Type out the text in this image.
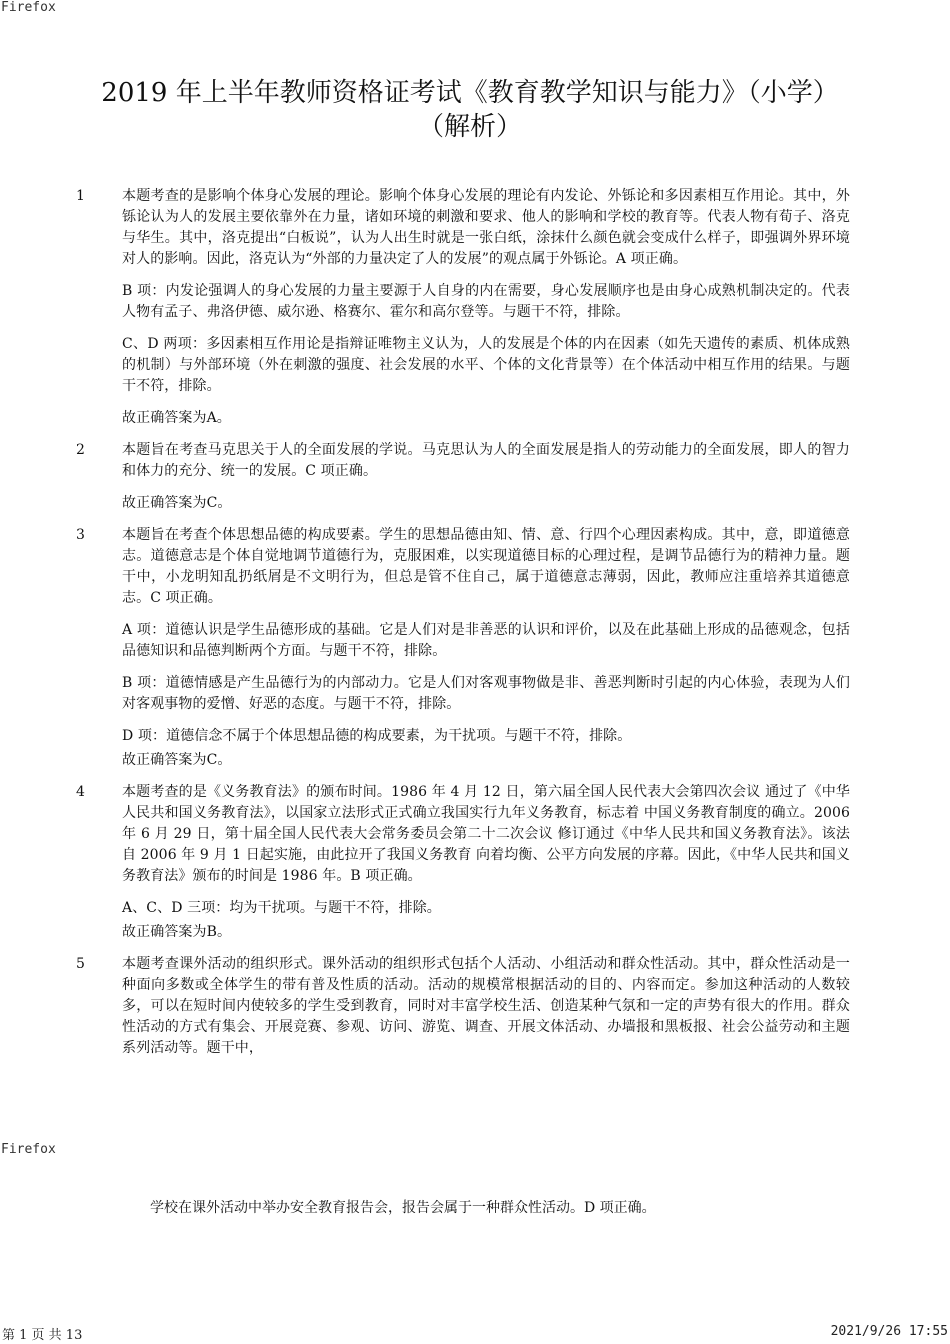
Firefox
2019 年上半年教师资格证考试《教育教学知识与能力》（小学）（解析）
1	本题考查的是影响个体身心发展的理论。影响个体身心发展的理论有内发论、外铄论和多因素相互作用论。其中，外铄论认为人的发展主要依靠外在力量，诸如环境的刺激和要求、他人的影响和学校的教育等。代表人物有荀子、洛克与华生。其中，洛克提出“白板说”，认为人出生时就是一张白纸，涂抹什么颜色就会变成什么样子，即强调外界环境对人的影响。因此，洛克认为“外部的力量决定了人的发展”的观点属于外铄论。A 项正确。

B 项：内发论强调人的身心发展的力量主要源于人自身的内在需要，身心发展顺序也是由身心成熟机制决定的。代表人物有孟子、弗洛伊德、威尔逊、格赛尔、霍尔和高尔登等。与题干不符，排除。

C、D 两项：多因素相互作用论是指辩证唯物主义认为，人的发展是个体的内在因素（如先天遗传的素质、机体成熟的机制）与外部环境（外在刺激的强度、社会发展的水平、个体的文化背景等）在个体活动中相互作用的结果。与题干不符，排除。

故正确答案为A。

2	本题旨在考查马克思关于人的全面发展的学说。马克思认为人的全面发展是指人的劳动能力的全面发展，即人的智力和体力的充分、统一的发展。C 项正确。

故正确答案为C。

3	本题旨在考查个体思想品德的构成要素。学生的思想品德由知、情、意、行四个心理因素构成。其中，意，即道德意志。道德意志是个体自觉地调节道德行为，克服困难，以实现道德目标的心理过程，是调节品德行为的精神力量。题干中，小龙明知乱扔纸屑是不文明行为，但总是管不住自己，属于道德意志薄弱，因此，教师应注重培养其道德意志。C 项正确。

A 项：道德认识是学生品德形成的基础。它是人们对是非善恶的认识和评价，以及在此基础上形成的品德观念，包括品德知识和品德判断两个方面。与题干不符，排除。

B 项：道德情感是产生品德行为的内部动力。它是人们对客观事物做是非、善恶判断时引起的内心体验，表现为人们对客观事物的爱憎、好恶的态度。与题干不符，排除。

D 项：道德信念不属于个体思想品德的构成要素，为干扰项。与题干不符，排除。

故正确答案为C。

4	本题考查的是《义务教育法》的颁布时间。1986 年 4 月 12 日，第六届全国人民代表大会第四次会议 通过了《中华人民共和国义务教育法》，以国家立法形式正式确立我国实行九年义务教育，标志着 中国义务教育制度的确立。2006 年 6 月 29 日，第十届全国人民代表大会常务委员会第二十二次会议 修订通过《中华人民共和国义务教育法》。该法自 2006 年 9 月 1 日起实施，由此拉开了我国义务教育 向着均衡、公平方向发展的序幕。因此，《中华人民共和国义务教育法》颁布的时间是 1986 年。B 项正确。

A、C、D 三项：均为干扰项。与题干不符，排除。

故正确答案为B。

5	本题考查课外活动的组织形式。课外活动的组织形式包括个人活动、小组活动和群众性活动。其中，群众性活动是一种面向多数或全体学生的带有普及性质的活动。活动的规模常根据活动的目的、内容而定。参加这种活动的人数较多，可以在短时间内使较多的学生受到教育，同时对丰富学校生活、创造某种气氛和一定的声势有很大的作用。群众性活动的方式有集会、开展竞赛、参观、访问、游览、调查、开展文体活动、办墙报和黑板报、社会公益劳动和主题系列活动等。题干中，

Firefox
学校在课外活动中举办安全教育报告会，报告会属于一种群众性活动。D 项正确。
第 1 页 共 13	2021/9/26 17:55
